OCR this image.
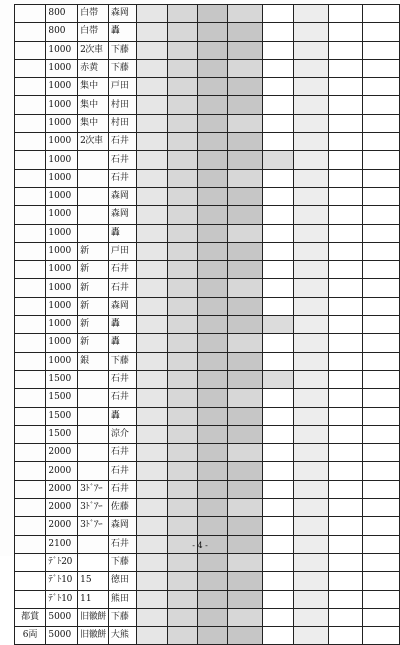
	800	白帯	森岡								
	800	白帯	轟								
	1000	2次車	下藤								
	1000	赤黄	下藤								
	1000	集中	戸田								
	1000	集中	村田								
	1000	集中	村田								
	1000	2次車	石井								
	1000		石井								
	1000		石井								
	1000		森岡								
	1000		森岡								
	1000		轟								
	1000	新	戸田								
	1000	新	石井								
	1000	新	石井								
	1000	新	森岡								
	1000	新	轟								
	1000	新	轟								
	1000	銀	下藤								
	1500		石井								
	1500		石井								
	1500		轟								
	1500		涼介								
	2000		石井								
	2000		石井								
	2000	3ﾄﾞｱｰ	石井								
	2000	3ﾄﾞｱｰ	佐藤								
	2000	3ﾄﾞｱｰ	森岡								
	2100		石井								
	ﾃﾞﾄ20		下藤								
	ﾃﾞﾄ10	15	徳田								
	ﾃﾞﾄ10	11	熊田								
都賞	5000	旧徽餅	下藤								
6両	5000	旧徽餅	大熊								
- 4 -
